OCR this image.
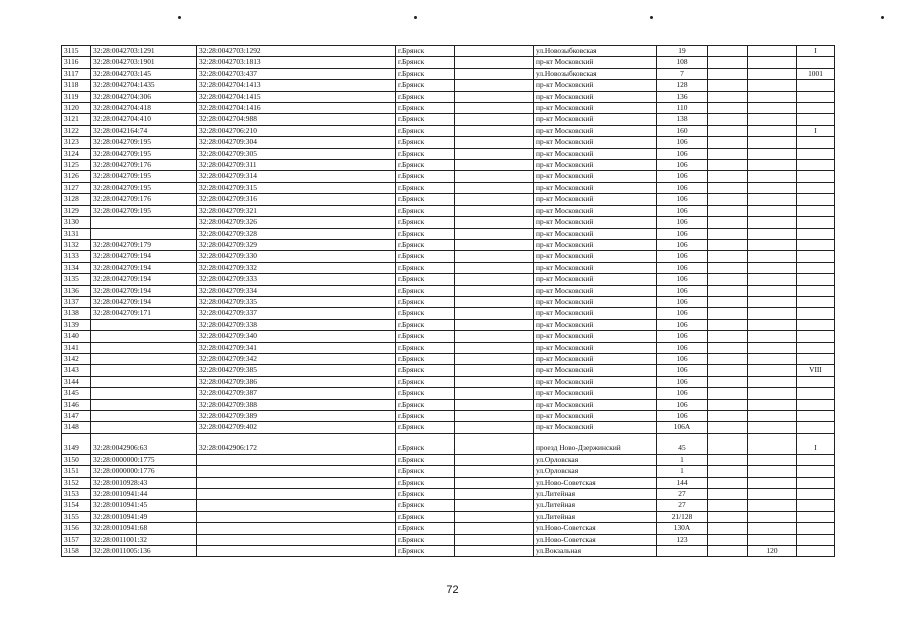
3115	32:28:0042703:1291	32:28:0042703:1292	г.Брянск		ул.Новозыбковская	19			I
3116	32:28:0042703:1901	32:28:0042703:1813	г.Брянск		пр-кт Московский	108			
3117	32:28:0042703:145	32:28:0042703:437	г.Брянск		ул.Новозыбковская	7			1001
3118	32:28:0042704:1435	32:28:0042704:1413	г.Брянск		пр-кт Московский	128			
3119	32:28:0042704:306	32:28:0042704:1415	г.Брянск		пр-кт Московский	136			
3120	32:28:0042704:418	32:28:0042704:1416	г.Брянск		пр-кт Московский	110			
3121	32:28:0042704:410	32:28:0042704:988	г.Брянск		пр-кт Московский	138			
3122	32:28:0042164:74	32:28:0042706:210	г.Брянск		пр-кт Московский	160			I
3123	32:28:0042709:195	32:28:0042709:304	г.Брянск		пр-кт Московский	106			
3124	32:28:0042709:195	32:28:0042709:305	г.Брянск		пр-кт Московский	106			
3125	32:28:0042709:176	32:28:0042709:311	г.Брянск		пр-кт Московский	106			
3126	32:28:0042709:195	32:28:0042709:314	г.Брянск		пр-кт Московский	106			
3127	32:28:0042709:195	32:28:0042709:315	г.Брянск		пр-кт Московский	106			
3128	32:28:0042709:176	32:28:0042709:316	г.Брянск		пр-кт Московский	106			
3129	32:28:0042709:195	32:28:0042709:321	г.Брянск		пр-кт Московский	106			
3130		32:28:0042709:326	г.Брянск		пр-кт Московский	106			
3131		32:28:0042709:328	г.Брянск		пр-кт Московский	106			
3132	32:28:0042709:179	32:28:0042709:329	г.Брянск		пр-кт Московский	106			
3133	32:28:0042709:194	32:28:0042709:330	г.Брянск		пр-кт Московский	106			
3134	32:28:0042709:194	32:28:0042709:332	г.Брянск		пр-кт Московский	106			
3135	32:28:0042709:194	32:28:0042709:333	г.Брянск		пр-кт Московский	106			
3136	32:28:0042709:194	32:28:0042709:334	г.Брянск		пр-кт Московский	106			
3137	32:28:0042709:194	32:28:0042709:335	г.Брянск		пр-кт Московский	106			
3138	32:28:0042709:171	32:28:0042709:337	г.Брянск		пр-кт Московский	106			
3139		32:28:0042709:338	г.Брянск		пр-кт Московский	106			
3140		32:28:0042709:340	г.Брянск		пр-кт Московский	106			
3141		32:28:0042709:341	г.Брянск		пр-кт Московский	106			
3142		32:28:0042709:342	г.Брянск		пр-кт Московский	106			
3143		32:28:0042709:385	г.Брянск		пр-кт Московский	106			VIII
3144		32:28:0042709:386	г.Брянск		пр-кт Московский	106			
3145		32:28:0042709:387	г.Брянск		пр-кт Московский	106			
3146		32:28:0042709:388	г.Брянск		пр-кт Московский	106			
3147		32:28:0042709:389	г.Брянск		пр-кт Московский	106			
3148		32:28:0042709:402	г.Брянск		пр-кт Московский	106А			
3149	32:28:0042906:63	32:28:0042906:172	г.Брянск		проезд Ново-Дзержинский	45			I
3150	32:28:0000000:1775		г.Брянск		ул.Орловская	1			
3151	32:28:0000000:1776		г.Брянск		ул.Орловская	1			
3152	32:28:0010928:43		г.Брянск		ул.Ново-Советская	144			
3153	32:28:0010941:44		г.Брянск		ул.Литейная	27			
3154	32:28:0010941:45		г.Брянск		ул.Литейная	27			
3155	32:28:0010941:49		г.Брянск		ул.Литейная	21/128			
3156	32:28:0010941:68		г.Брянск		ул.Ново-Советская	130А			
3157	32:28:0011001:32		г.Брянск		ул.Ново-Советская	123			
3158	32:28:0011005:136		г.Брянск		ул.Вокзальная			120	
72
